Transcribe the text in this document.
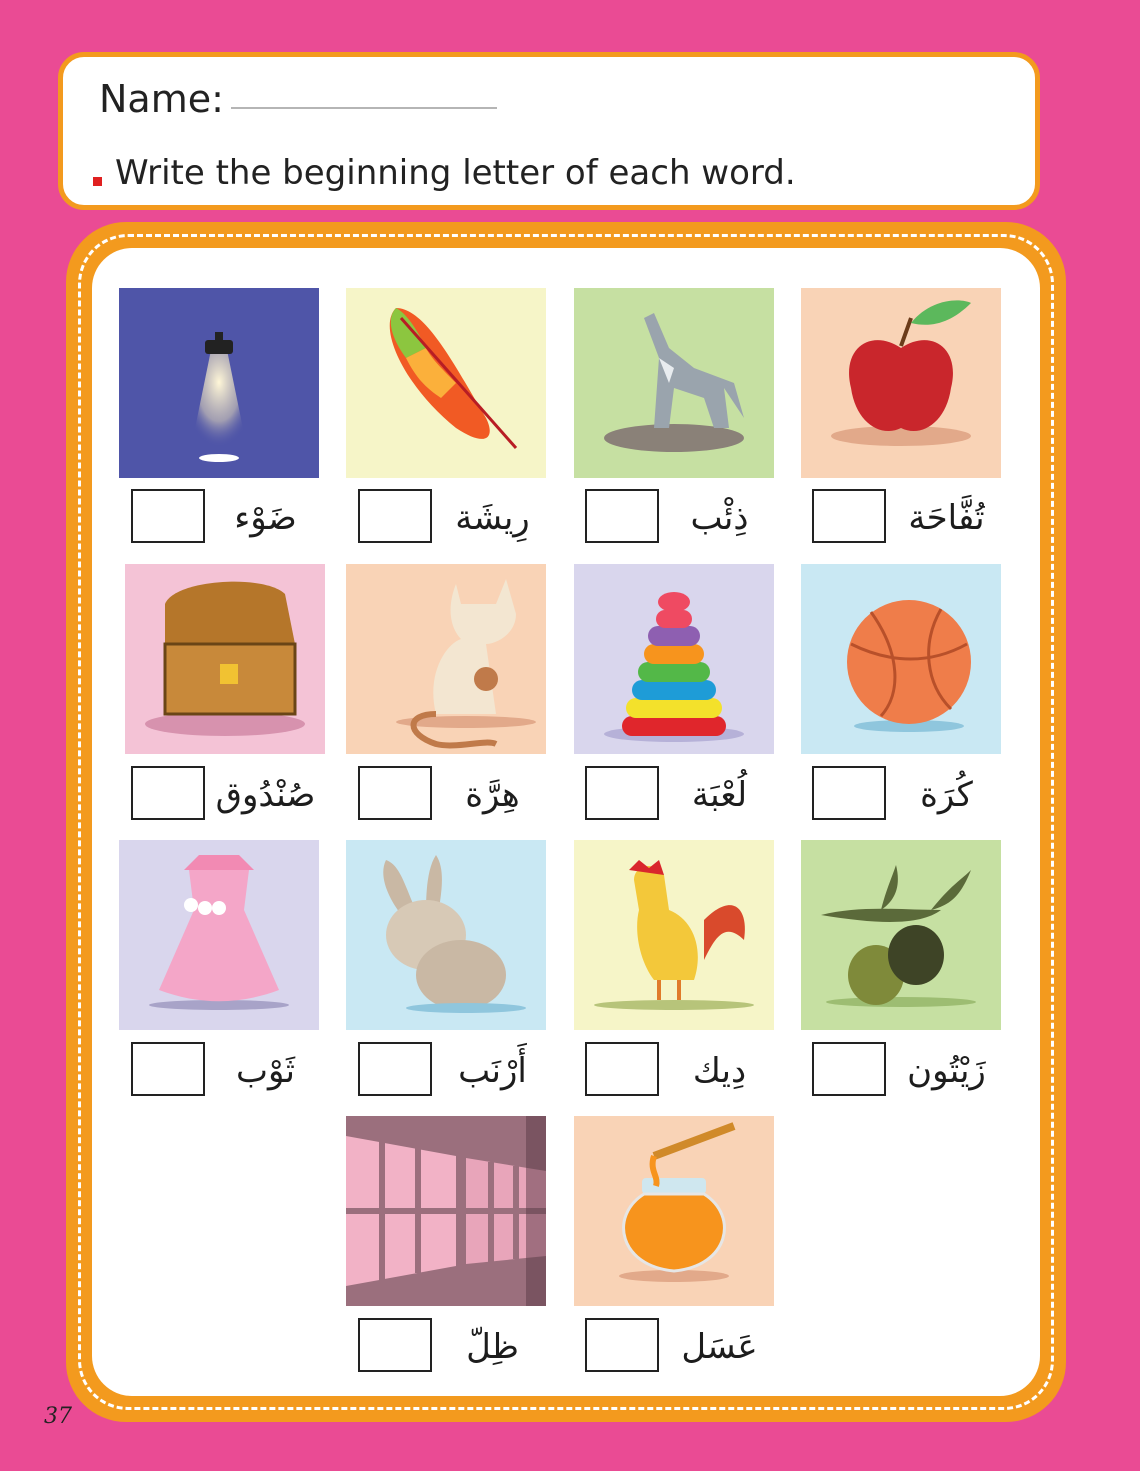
Name:
Write the beginning letter of each word.
ضَوْء	رِيشَة	ذِئْب	تُفَّاحَة
صُنْدُوق	هِرَّة	لُعْبَة	كُرَة
ثَوْب	أَرْنَب	دِيك	زَيْتُون
ظِلّ	عَسَل
37
